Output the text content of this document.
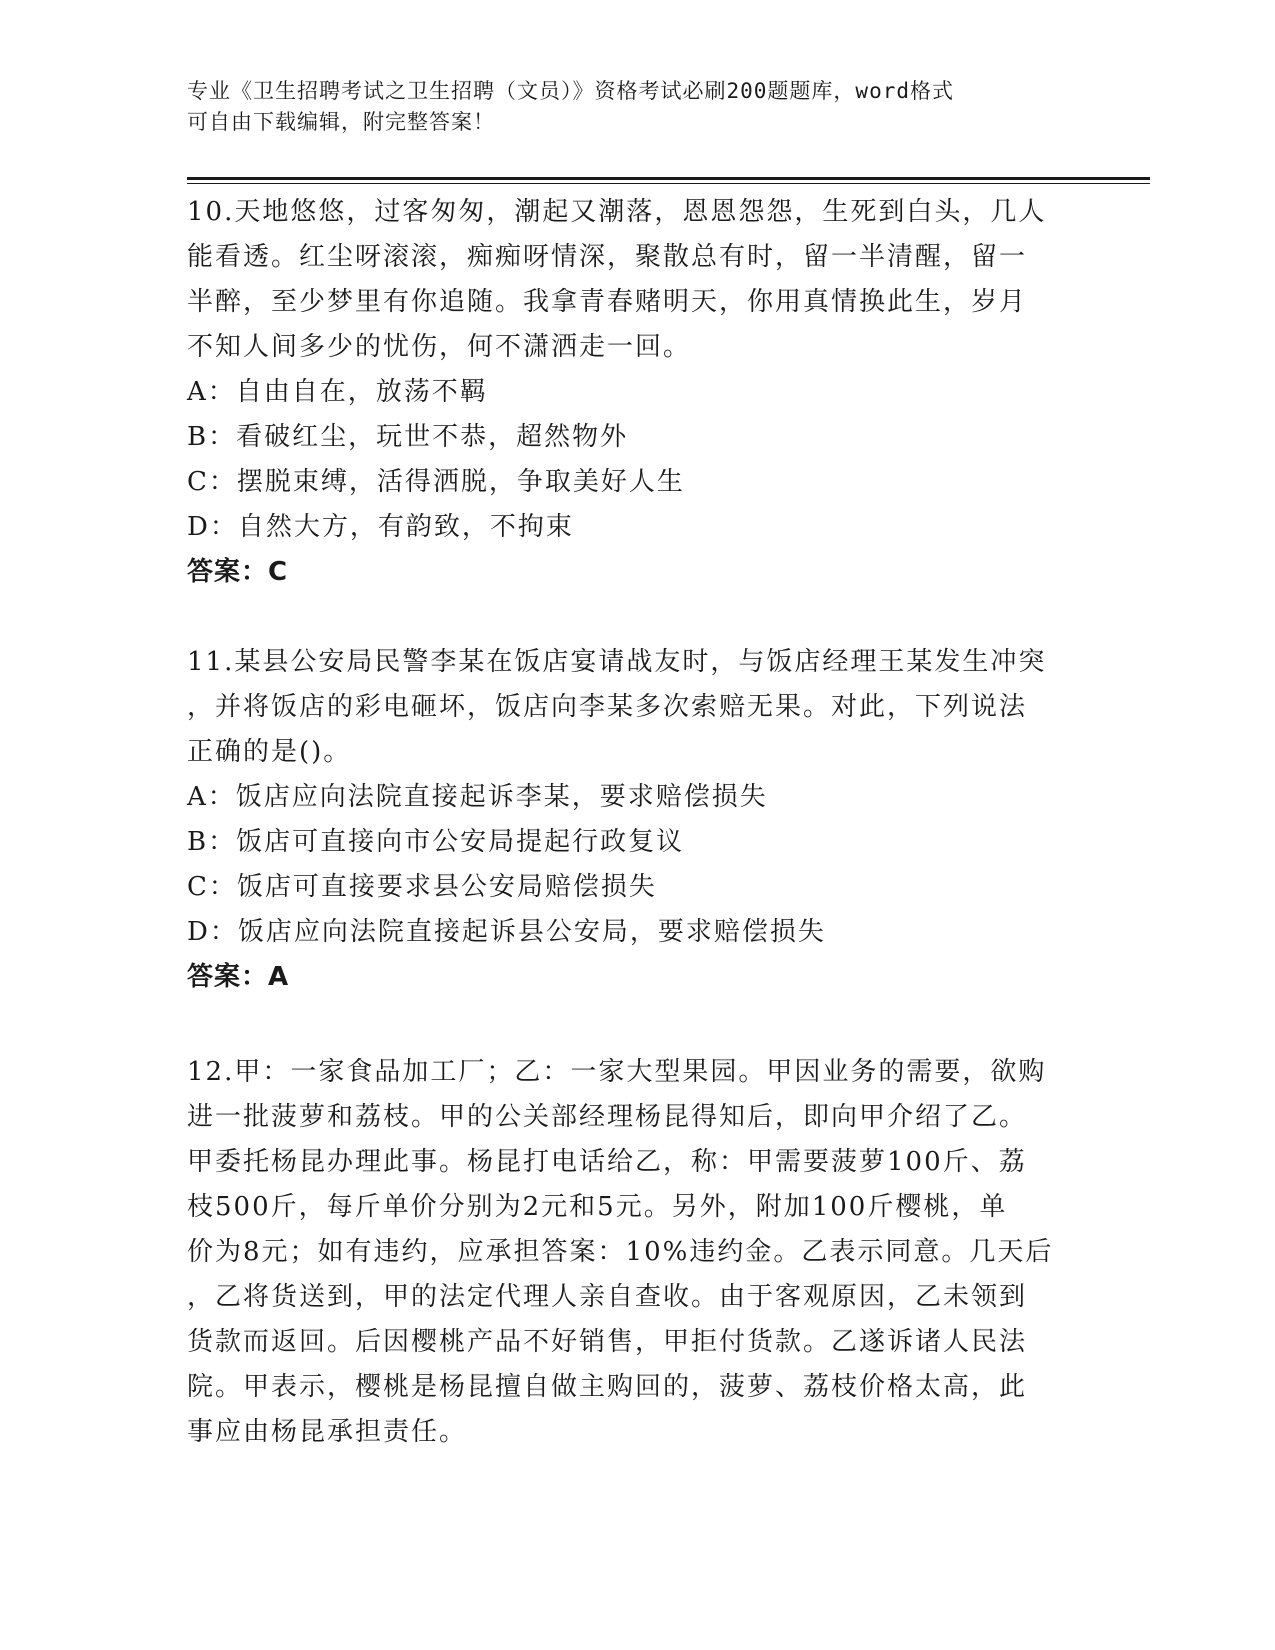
专业《卫生招聘考试之卫生招聘（文员）》资格考试必刷200题题库，word格式
可自由下载编辑，附完整答案！
10.天地悠悠，过客匆匆，潮起又潮落，恩恩怨怨，生死到白头，几人
能看透。红尘呀滚滚，痴痴呀情深，聚散总有时，留一半清醒，留一
半醉，至少梦里有你追随。我拿青春赌明天，你用真情换此生，岁月
不知人间多少的忧伤，何不潇洒走一回。
A：自由自在，放荡不羁
B：看破红尘，玩世不恭，超然物外
C：摆脱束缚，活得洒脱，争取美好人生
D：自然大方，有韵致，不拘束
答案：C
11.某县公安局民警李某在饭店宴请战友时，与饭店经理王某发生冲突
，并将饭店的彩电砸坏，饭店向李某多次索赔无果。对此，下列说法
正确的是()。
A：饭店应向法院直接起诉李某，要求赔偿损失
B：饭店可直接向市公安局提起行政复议
C：饭店可直接要求县公安局赔偿损失
D：饭店应向法院直接起诉县公安局，要求赔偿损失
答案：A
12.甲：一家食品加工厂；乙：一家大型果园。甲因业务的需要，欲购
进一批菠萝和荔枝。甲的公关部经理杨昆得知后，即向甲介绍了乙。
甲委托杨昆办理此事。杨昆打电话给乙，称：甲需要菠萝100斤、荔
枝500斤，每斤单价分别为2元和5元。另外，附加100斤樱桃，单
价为8元；如有违约，应承担答案：10%违约金。乙表示同意。几天后
，乙将货送到，甲的法定代理人亲自查收。由于客观原因，乙未领到
货款而返回。后因樱桃产品不好销售，甲拒付货款。乙遂诉诸人民法
院。甲表示，樱桃是杨昆擅自做主购回的，菠萝、荔枝价格太高，此
事应由杨昆承担责任。
